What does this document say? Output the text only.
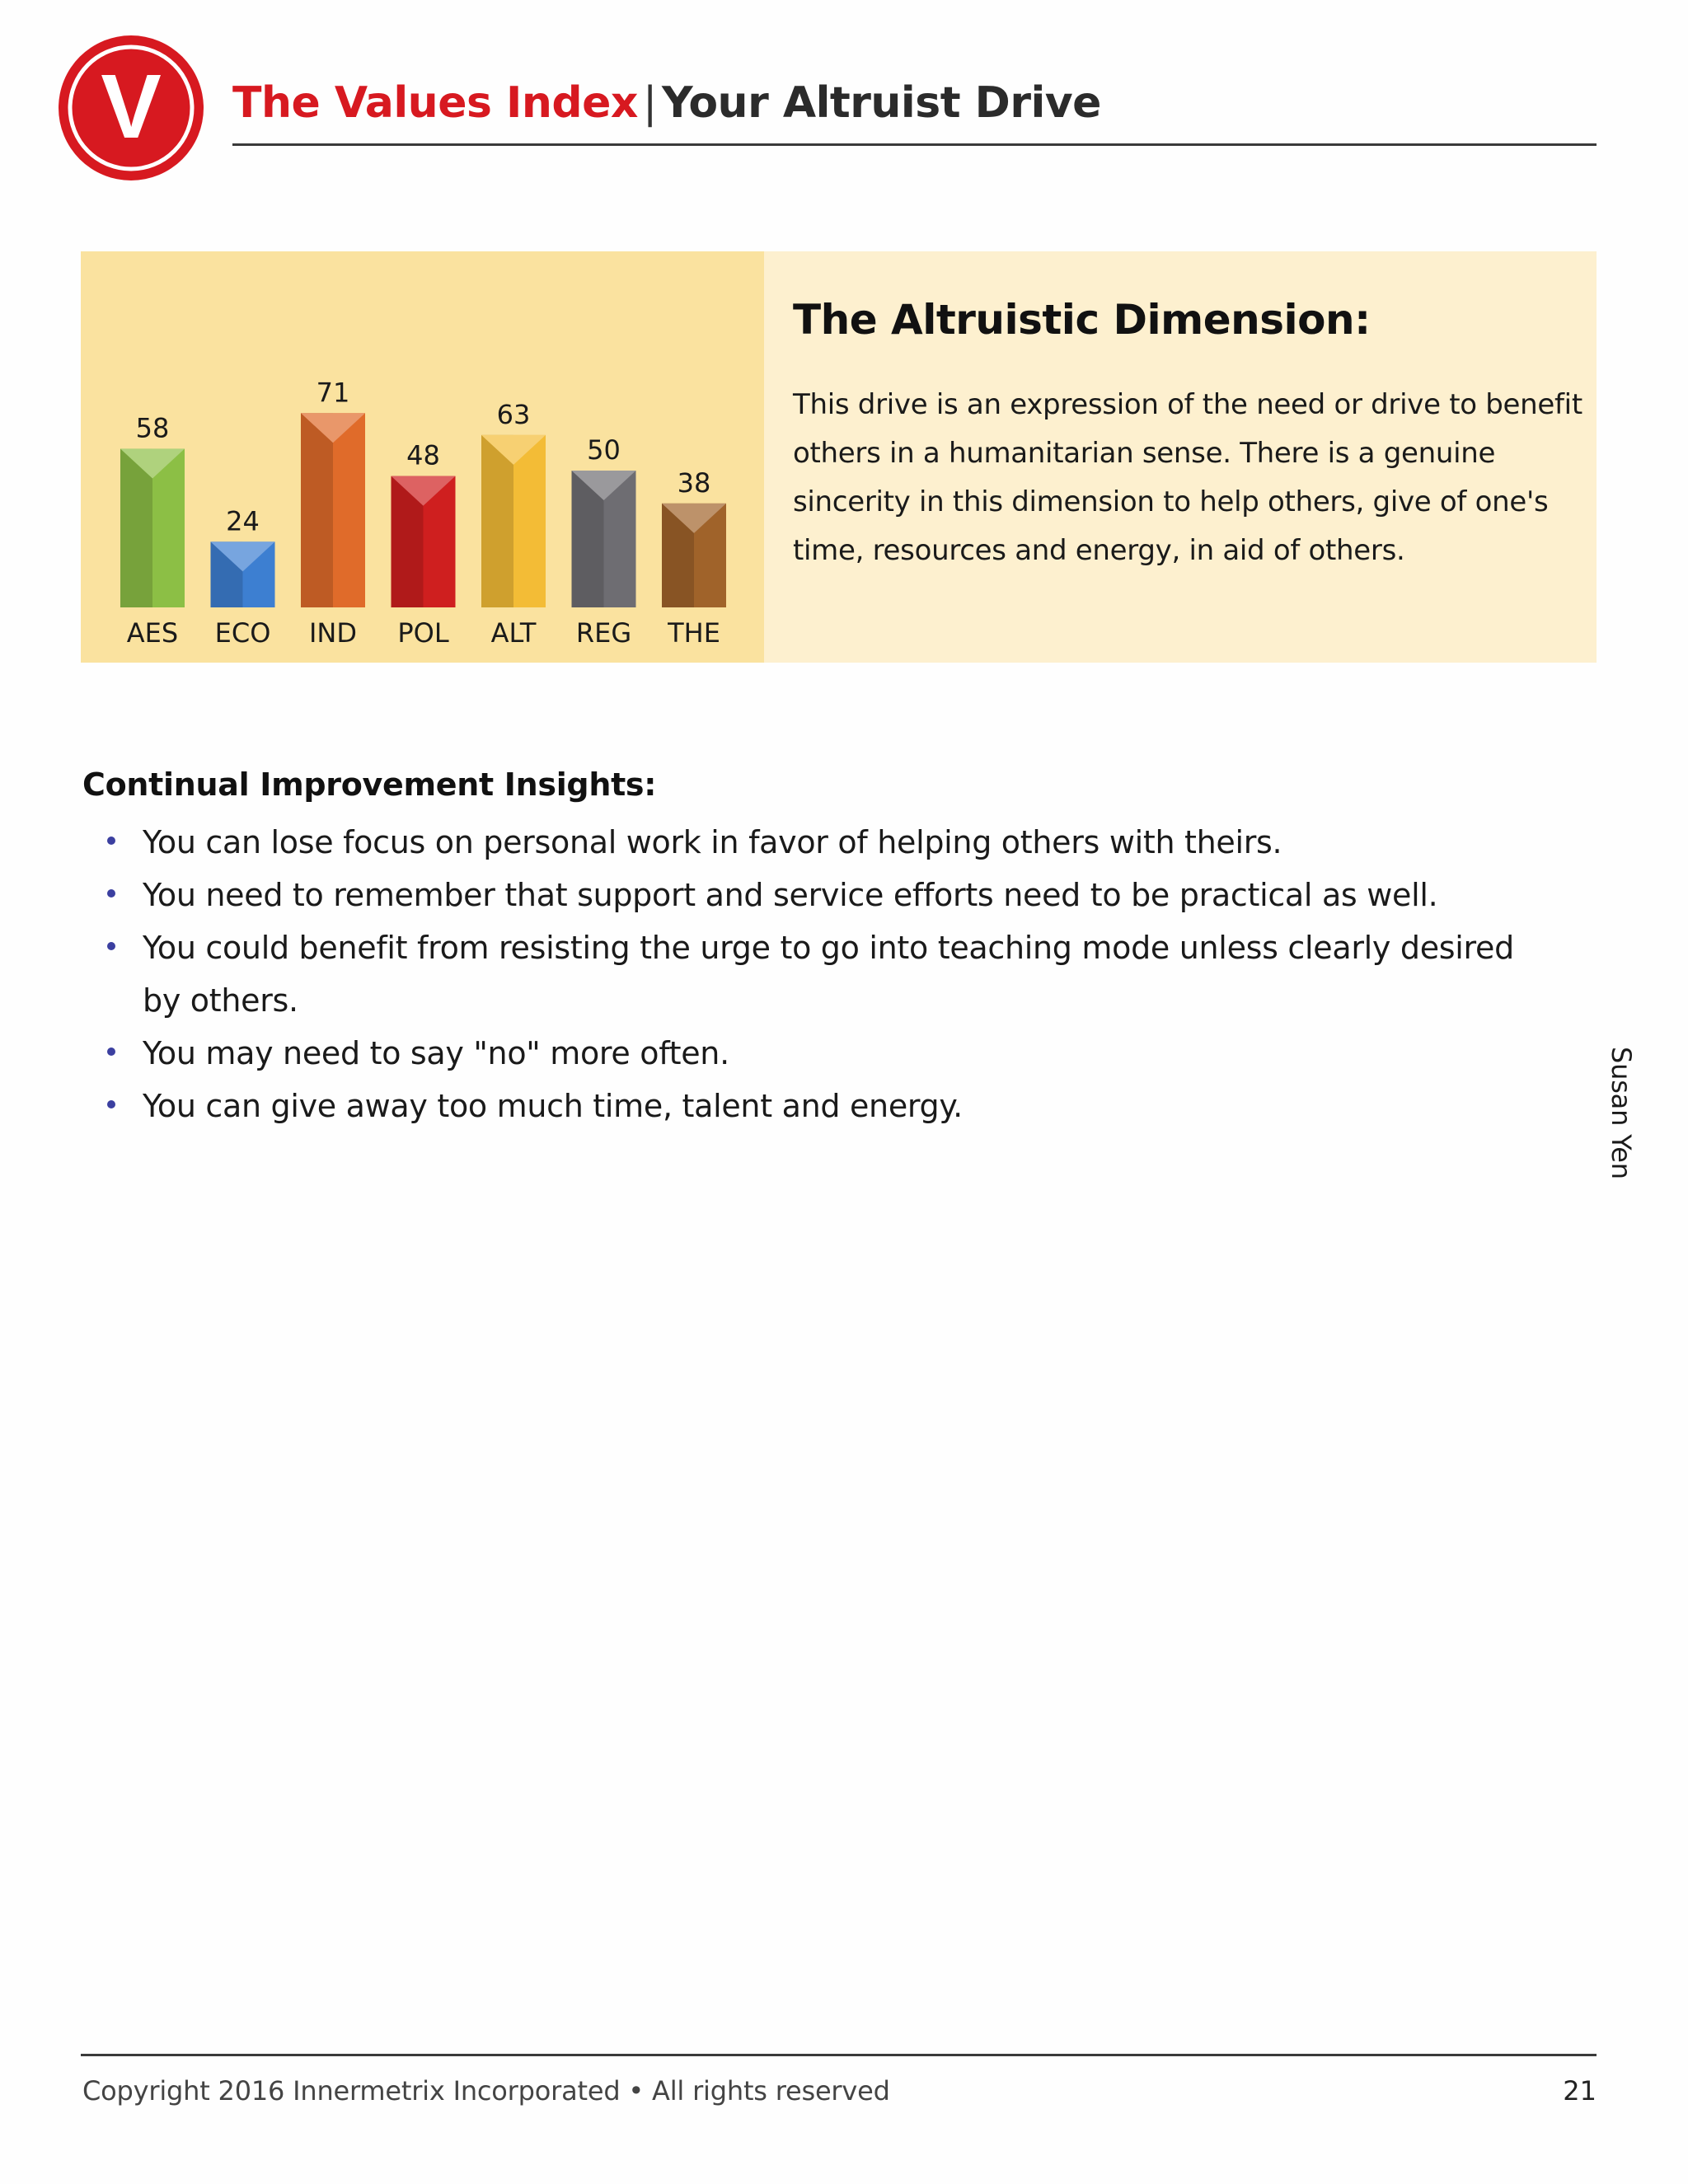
V The Values Index | Your Altruist Drive
58
AES
24
ECO
71
IND
48
POL
63
ALT
50
REG
38
THE
The Altruistic Dimension:

This drive is an expression of the need or drive to benefit others in a humanitarian sense. There is a genuine sincerity in this dimension to help others, give of one's time, resources and energy, in aid of others.

Continual Improvement Insights:
You can lose focus on personal work in favor of helping others with theirs.
You need to remember that support and service efforts need to be practical as well.
You could benefit from resisting the urge to go into teaching mode unless clearly desired by others.
You may need to say "no" more often.
You can give away too much time, talent and energy.	Susan Yen
Copyright 2016 Innermetrix Incorporated • All rights reserved	21
